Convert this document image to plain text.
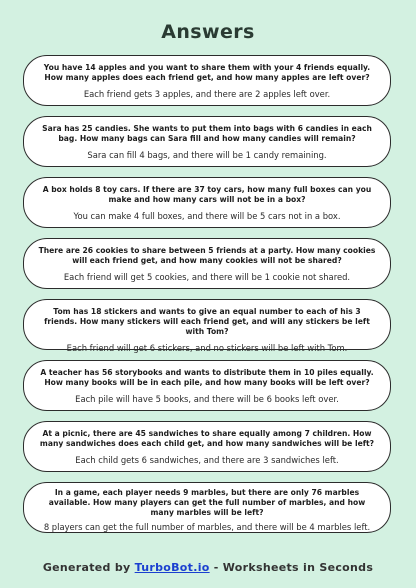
Answers
You have 14 apples and you want to share them with your 4 friends equally. How many apples does each friend get, and how many apples are left over?
Each friend gets 3 apples, and there are 2 apples left over.
Sara has 25 candies. She wants to put them into bags with 6 candies in each bag. How many bags can Sara fill and how many candies will remain?
Sara can fill 4 bags, and there will be 1 candy remaining.
A box holds 8 toy cars. If there are 37 toy cars, how many full boxes can you make and how many cars will not be in a box?
You can make 4 full boxes, and there will be 5 cars not in a box.
There are 26 cookies to share between 5 friends at a party. How many cookies will each friend get, and how many cookies will not be shared?
Each friend will get 5 cookies, and there will be 1 cookie not shared.
Tom has 18 stickers and wants to give an equal number to each of his 3 friends. How many stickers will each friend get, and will any stickers be left with Tom?
Each friend will get 6 stickers, and no stickers will be left with Tom.
A teacher has 56 storybooks and wants to distribute them in 10 piles equally. How many books will be in each pile, and how many books will be left over?
Each pile will have 5 books, and there will be 6 books left over.
At a picnic, there are 45 sandwiches to share equally among 7 children. How many sandwiches does each child get, and how many sandwiches will be left?
Each child gets 6 sandwiches, and there are 3 sandwiches left.
In a game, each player needs 9 marbles, but there are only 76 marbles available. How many players can get the full number of marbles, and how many marbles will be left?
8 players can get the full number of marbles, and there will be 4 marbles left.
Generated by TurboBot.io - Worksheets in Seconds
